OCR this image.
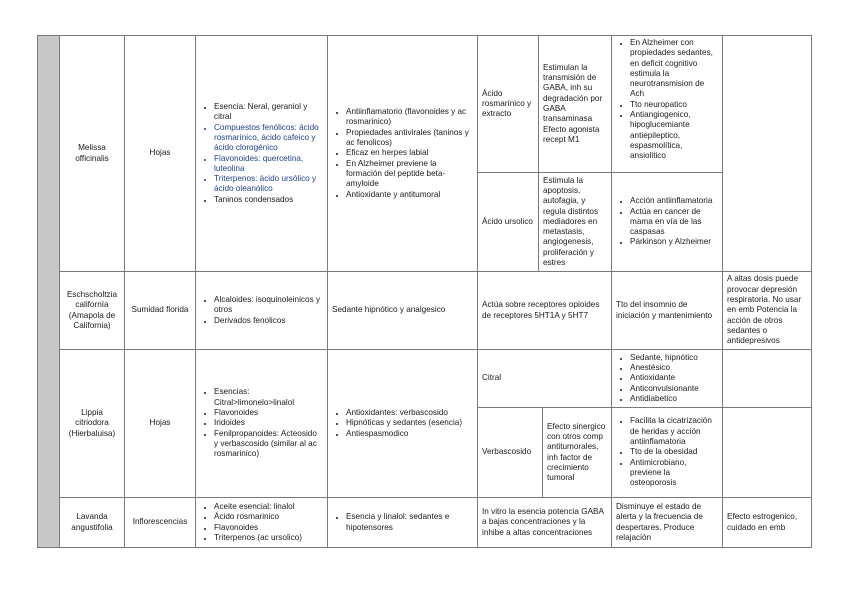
Melissa officinalis
Hojas
• Esencia: Neral, geraniol y citral
• Compuestos fenólicos: ácido rosmarínico, ácido cafeico y ácido clorogénico
• Flavonoides: quercetina, luteolina
• Triterpenos: ácido ursólico y ácido oleanólico
• Taninos condensados
• Antiinflamatorio (flavonoides y ac rosmarinico)
• Propiedades antivirales (taninos y ac fenolicos)
• Eficaz en herpes labial
• En Alzheimer previene la formación del peptide beta-amyloide
• Antioxidante y antitumoral
Ácido rosmarínico y extracto
Estimulan la transmisión de GABA, inh su degradación por GABA transaminasa Efecto agonista recept M1
• En Alzheimer con propiedades sedantes, en deficit cognitivo estimula la neurotransmision de Ach
• Tto neuropatico
• Antiangiogenico, hipoglucemiante antiepileptico, espasmolítica, ansiolitico
Ácido ursolico
Estimula la apoptosis, autofagia, y regula distintos mediadores en metastasis, angiogenesis, proliferación y estres
• Acción antiinflamatoria
• Actúa en cancer de mama en vía de las caspasas
• Párkinson y Alzheimer
Eschscholtzia californía (Amapola de California)
Sumidad florida
• Alcaloides: isoquinoleinicos y otros
• Derivados fenolicos
Sedante hipnótico y analgesico
Actúa sobre receptores opioides de receptores 5HT1A y 5HT7
Tto del insomnio de iniciación y mantenimiento
A altas dosis puede provocar depresión respiratoria. No usar en emb Potencia la acción de otros sedantes o antidepresivos
Lippia citriodora (Hierbaluisa)
Hojas
• Esencias: Citral>limonelo>linalol
• Flavonoides
• Iridoides
• Fenilpropanoides: Acteosido y verbascosido (similar al ac rosmarinico)
• Antioxidantes: verbascosido
• Hipnóticas y sedantes (esencia)
• Antiespasmodico
Citral
• Sedante, hipnótico
• Anestésico
• Antioxidante
• Anticonvulsionante
• Antidiabetico
Verbascosido
Efecto sinergico con otros comp antitumorales, inh factor de crecimiento tumoral
• Facilita la cicatrización de heridas y acción antiinflamatoria
• Tto de la obesidad
• Antimicrobiano, previene la osteoporosis
Lavanda angustifolia
Inflorescencias
• Aceite esencial: linalol
• Ácido rosmarinico
• Flavonoides
• Triterpenos (ac ursolico)
• Esencia y linalol: sedantes e hipotensores
In vitro la esencia potencia GABA a bajas concentraciones y la inhibe a altas concentraciones
Disminuye el estado de alerta y la frecuencia de despertares. Produce relajación
Efecto estrogenico, cuidado en emb
